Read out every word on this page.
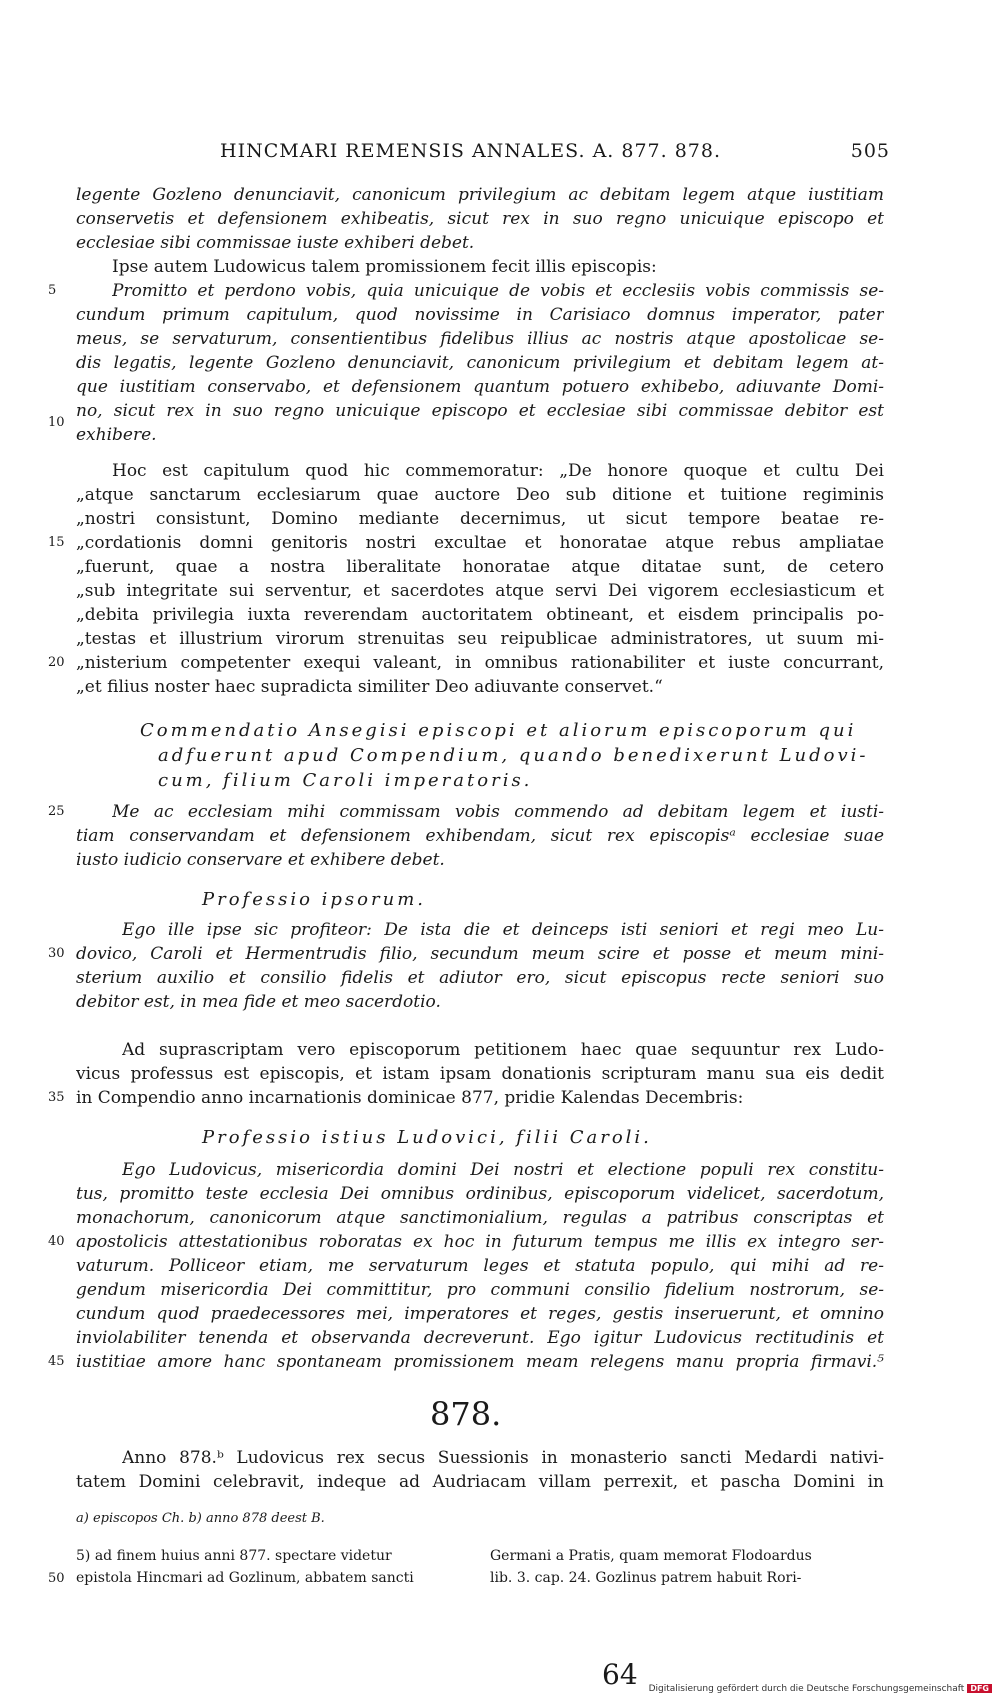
HINCMARI REMENSIS ANNALES. A. 877. 878.	505
legente Gozleno denunciavit, canonicum privilegium ac debitam legem atque iustitiam
conservetis et defensionem exhibeatis, sicut rex in suo regno unicuique episcopo et
ecclesiae sibi commissae iuste exhiberi debet.
Ipse autem Ludowicus talem promissionem fecit illis episcopis:
Promitto et perdono vobis, quia unicuique de vobis et ecclesiis vobis commissis se-
cundum primum capitulum, quod novissime in Carisiaco domnus imperator, pater
meus, se servaturum, consentientibus fidelibus illius ac nostris atque apostolicae se-
dis legatis, legente Gozleno denunciavit, canonicum privilegium et debitam legem at-
que iustitiam conservabo, et defensionem quantum potuero exhibebo, adiuvante Domi-
no, sicut rex in suo regno unicuique episcopo et ecclesiae sibi commissae debitor est
exhibere.
Hoc est capitulum quod hic commemoratur: „De honore quoque et cultu Dei
„atque sanctarum ecclesiarum quae auctore Deo sub ditione et tuitione regiminis
„nostri consistunt, Domino mediante decernimus, ut sicut tempore beatae re-
„cordationis domni genitoris nostri excultae et honoratae atque rebus ampliatae
„fuerunt, quae a nostra liberalitate honoratae atque ditatae sunt, de cetero
„sub integritate sui serventur, et sacerdotes atque servi Dei vigorem ecclesiasticum et
„debita privilegia iuxta reverendam auctoritatem obtineant, et eisdem principalis po-
„testas et illustrium virorum strenuitas seu reipublicae administratores, ut suum mi-
„nisterium competenter exequi valeant, in omnibus rationabiliter et iuste concurrant,
„et filius noster haec supradicta similiter Deo adiuvante conservet.“
Commendatio Ansegisi episcopi et aliorum episcoporum qui
adfuerunt apud Compendium, quando benedixerunt Ludovi-
cum, filium Caroli imperatoris.
Me ac ecclesiam mihi commissam vobis commendo ad debitam legem et iusti-
tiam conservandam et defensionem exhibendam, sicut rex episcopisᵃ ecclesiae suae
iusto iudicio conservare et exhibere debet.
Professio ipsorum.
Ego ille ipse sic profiteor: De ista die et deinceps isti seniori et regi meo Lu-
dovico, Caroli et Hermentrudis filio, secundum meum scire et posse et meum mini-
sterium auxilio et consilio fidelis et adiutor ero, sicut episcopus recte seniori suo
debitor est, in mea fide et meo sacerdotio.
Ad suprascriptam vero episcoporum petitionem haec quae sequuntur rex Ludo-
vicus professus est episcopis, et istam ipsam donationis scripturam manu sua eis dedit
in Compendio anno incarnationis dominicae 877, pridie Kalendas Decembris:
Professio istius Ludovici, filii Caroli.
Ego Ludovicus, misericordia domini Dei nostri et electione populi rex constitu-
tus, promitto teste ecclesia Dei omnibus ordinibus, episcoporum videlicet, sacerdotum,
monachorum, canonicorum atque sanctimonialium, regulas a patribus conscriptas et
apostolicis attestationibus roboratas ex hoc in futurum tempus me illis ex integro ser-
vaturum. Polliceor etiam, me servaturum leges et statuta populo, qui mihi ad re-
gendum misericordia Dei committitur, pro communi consilio fidelium nostrorum, se-
cundum quod praedecessores mei, imperatores et reges, gestis inseruerunt, et omnino
inviolabiliter tenenda et observanda decreverunt. Ego igitur Ludovicus rectitudinis et
iustitiae amore hanc spontaneam promissionem meam relegens manu propria firmavi.⁵
878.
Anno 878.ᵇ Ludovicus rex secus Suessionis in monasterio sancti Medardi nativi-
tatem Domini celebravit, indeque ad Audriacam villam perrexit, et pascha Domini in
a) episcopos Ch. b) anno 878 deest B.
5) ad finem huius anni 877. spectare videtur
epistola Hincmari ad Gozlinum, abbatem sancti
Germani a Pratis, quam memorat Flodoardus
lib. 3. cap. 24. Gozlinus patrem habuit Rori-
5
10
15
20
25
30
35
40
45
50
64 Digitalisierung gefördert durch die Deutsche Forschungsgemeinschaft DFG
